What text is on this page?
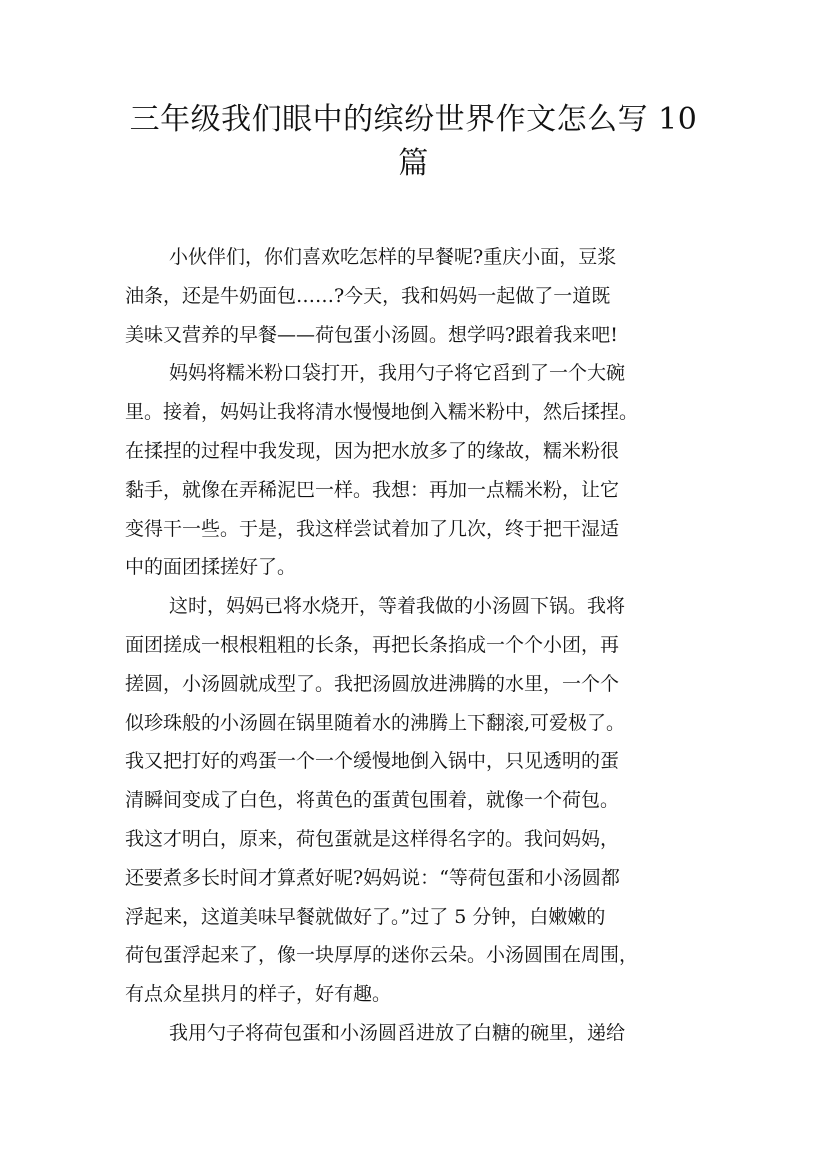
三年级我们眼中的缤纷世界作文怎么写 10
篇
小伙伴们，你们喜欢吃怎样的早餐呢?重庆小面，豆浆
油条，还是牛奶面包……?今天，我和妈妈一起做了一道既
美味又营养的早餐——荷包蛋小汤圆。想学吗?跟着我来吧!
妈妈将糯米粉口袋打开，我用勺子将它舀到了一个大碗
里。接着，妈妈让我将清水慢慢地倒入糯米粉中，然后揉捏。
在揉捏的过程中我发现，因为把水放多了的缘故，糯米粉很
黏手，就像在弄稀泥巴一样。我想：再加一点糯米粉，让它
变得干一些。于是，我这样尝试着加了几次，终于把干湿适
中的面团揉搓好了。
这时，妈妈已将水烧开，等着我做的小汤圆下锅。我将
面团搓成一根根粗粗的长条，再把长条掐成一个个小团，再
搓圆，小汤圆就成型了。我把汤圆放进沸腾的水里，一个个
似珍珠般的小汤圆在锅里随着水的沸腾上下翻滚,可爱极了。
我又把打好的鸡蛋一个一个缓慢地倒入锅中，只见透明的蛋
清瞬间变成了白色，将黄色的蛋黄包围着，就像一个荷包。
我这才明白，原来，荷包蛋就是这样得名字的。我问妈妈，
还要煮多长时间才算煮好呢?妈妈说：“等荷包蛋和小汤圆都
浮起来，这道美味早餐就做好了。”过了 5 分钟，白嫩嫩的
荷包蛋浮起来了，像一块厚厚的迷你云朵。小汤圆围在周围，
有点众星拱月的样子，好有趣。
我用勺子将荷包蛋和小汤圆舀进放了白糖的碗里，递给
